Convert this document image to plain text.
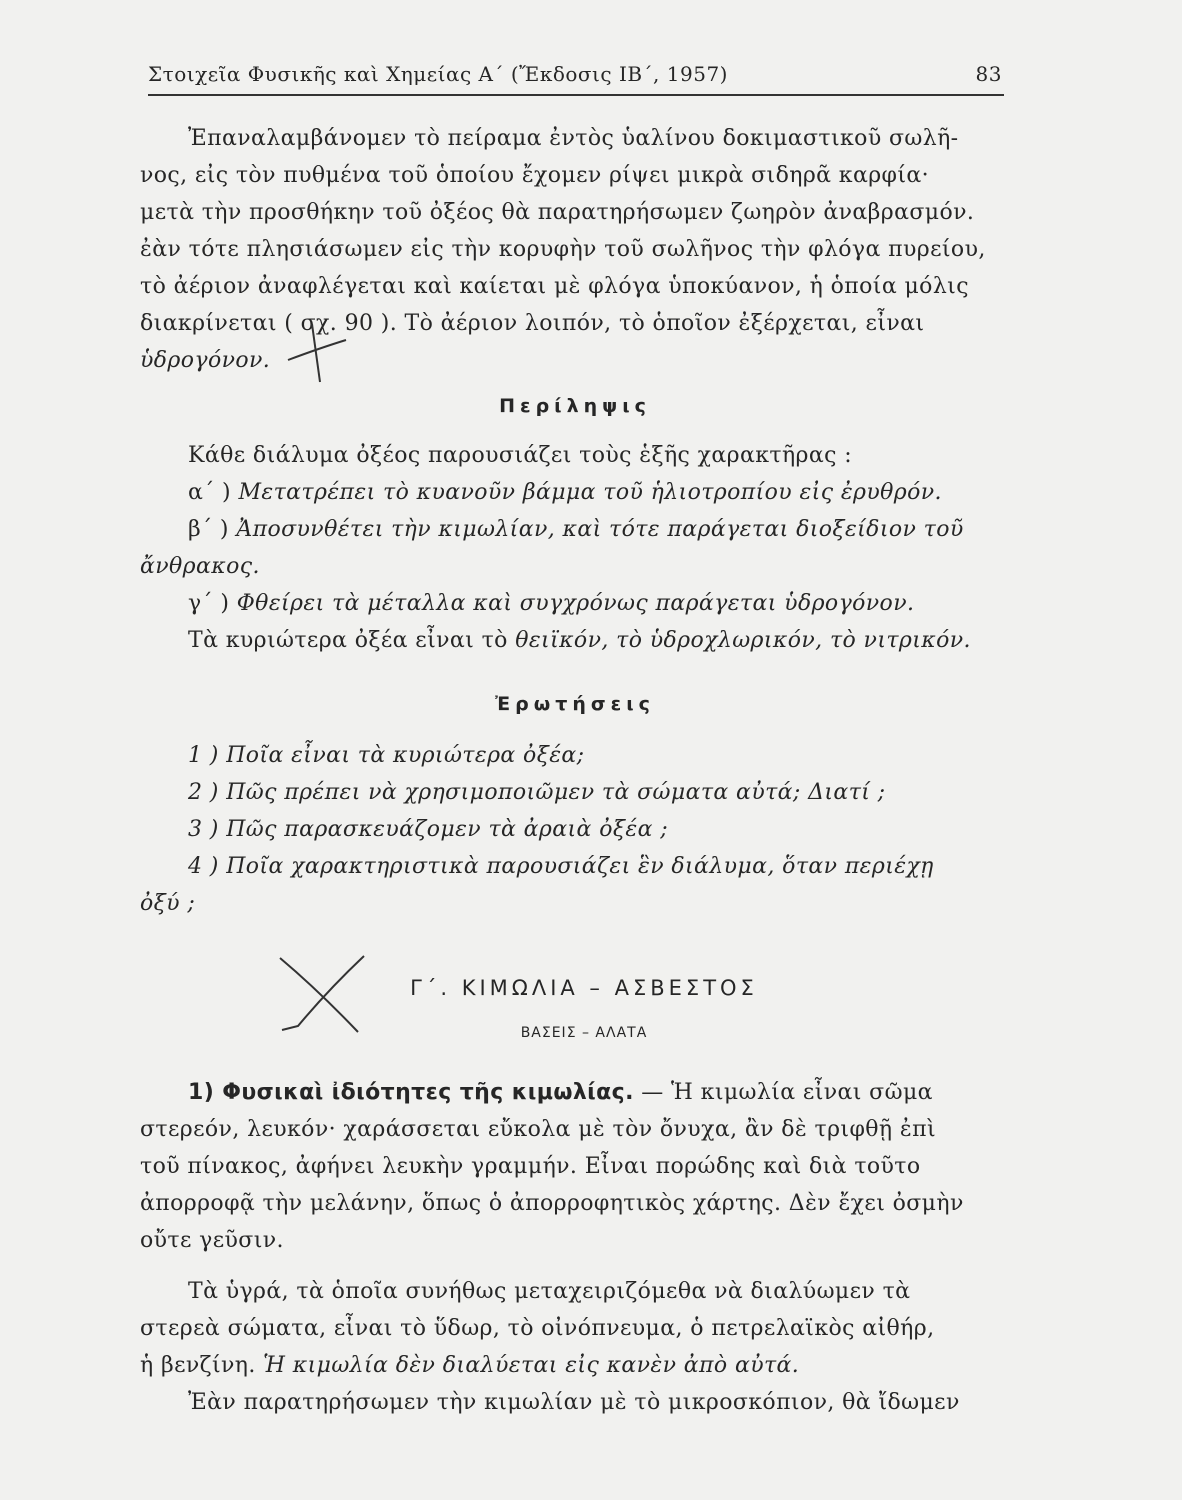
Στοιχεῖα Φυσικῆς καὶ Χημείας Α΄ (Ἔκδοσις ΙΒ΄, 1957)	83
Ἐπαναλαμβάνομεν τὸ πείραμα ἐντὸς ὑαλίνου δοκιμαστικοῦ σωλῆ-
νος, εἰς τὸν πυθμένα τοῦ ὁποίου ἔχομεν ρίψει μικρὰ σιδηρᾶ καρφία·
μετὰ τὴν προσθήκην τοῦ ὀξέος θὰ παρατηρήσωμεν ζωηρὸν ἀναβρασμόν.
ἐὰν τότε πλησιάσωμεν εἰς τὴν κορυφὴν τοῦ σωλῆνος τὴν φλόγα πυρείου,
τὸ ἀέριον ἀναφλέγεται καὶ καίεται μὲ φλόγα ὑποκύανον, ἡ ὁποία μόλις
διακρίνεται ( σχ. 90 ). Τὸ ἀέριον λοιπόν, τὸ ὁποῖον ἐξέρχεται, εἶναι
ὑδρογόνον.
Περίληψις
Κάθε διάλυμα ὀξέος παρουσιάζει τοὺς ἑξῆς χαρακτῆρας :
α΄ ) Μετατρέπει τὸ κυανοῦν βάμμα τοῦ ἡλιοτροπίου εἰς ἐρυθρόν.
β΄ ) Ἀποσυνθέτει τὴν κιμωλίαν, καὶ τότε παράγεται διοξείδιον τοῦ
ἄνθρακος.
γ΄ ) Φθείρει τὰ μέταλλα καὶ συγχρόνως παράγεται ὑδρογόνον.
Τὰ κυριώτερα ὀξέα εἶναι τὸ θειϊκόν, τὸ ὑδροχλωρικόν, τὸ νιτρικόν.
Ἐρωτήσεις
1 ) Ποῖα εἶναι τὰ κυριώτερα ὀξέα;
2 ) Πῶς πρέπει νὰ χρησιμοποιῶμεν τὰ σώματα αὐτά; Διατί ;
3 ) Πῶς παρασκευάζομεν τὰ ἀραιὰ ὀξέα ;
4 ) Ποῖα χαρακτηριστικὰ παρουσιάζει ἓν διάλυμα, ὅταν περιέχῃ
ὀξύ ;
Γ΄. ΚΙΜΩΛΙΑ – ΑΣΒΕΣΤΟΣ
ΒΑΣΕΙΣ – ΑΛΑΤΑ
1) Φυσικαὶ ἰδιότητες τῆς κιμωλίας. — Ἡ κιμωλία εἶναι σῶμα
στερεόν, λευκόν· χαράσσεται εὔκολα μὲ τὸν ὄνυχα, ἂν δὲ τριφθῇ ἐπὶ
τοῦ πίνακος, ἀφήνει λευκὴν γραμμήν. Εἶναι πορώδης καὶ διὰ τοῦτο
ἀπορροφᾷ τὴν μελάνην, ὅπως ὁ ἀπορροφητικὸς χάρτης. Δὲν ἔχει ὀσμὴν
οὔτε γεῦσιν.
Τὰ ὑγρά, τὰ ὁποῖα συνήθως μεταχειριζόμεθα νὰ διαλύωμεν τὰ
στερεὰ σώματα, εἶναι τὸ ὕδωρ, τὸ οἰνόπνευμα, ὁ πετρελαϊκὸς αἰθήρ,
ἡ βενζίνη. Ἡ κιμωλία δὲν διαλύεται εἰς κανὲν ἀπὸ αὐτά.
Ἐὰν παρατηρήσωμεν τὴν κιμωλίαν μὲ τὸ μικροσκόπιον, θὰ ἴδωμεν
